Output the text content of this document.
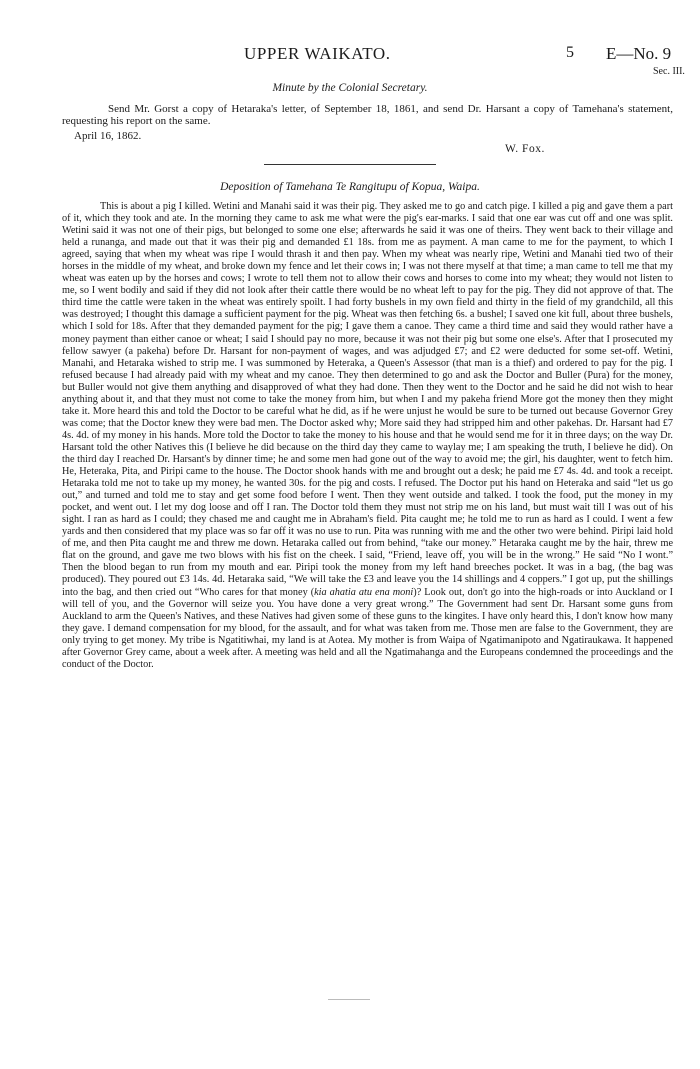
UPPER WAIKATO.	5 E—No. 9
Sec. III.
Minute by the Colonial Secretary.

Send Mr. Gorst a copy of Hetaraka's letter, of September 18, 1861, and send Dr. Harsant a copy of Tamehana's statement, requesting his report on the same.

April 16, 1862.
W. Fox.
Deposition of Tamehana Te Rangitupu of Kopua, Waipa.

This is about a pig I killed. Wetini and Manahi said it was their pig. They asked me to go and catch pige. I killed a pig and gave them a part of it, which they took and ate. In the morning they came to ask me what were the pig's ear-marks. I said that one ear was cut off and one was split. Wetini said it was not one of their pigs, but belonged to some one else; afterwards he said it was one of theirs. They went back to their village and held a runanga, and made out that it was their pig and demanded £1 18s. from me as payment. A man came to me for the payment, to which I agreed, saying that when my wheat was ripe I would thrash it and then pay. When my wheat was nearly ripe, Wetini and Manahi tied two of their horses in the middle of my wheat, and broke down my fence and let their cows in; I was not there myself at that time; a man came to tell me that my wheat was eaten up by the horses and cows; I wrote to tell them not to allow their cows and horses to come into my wheat; they would not listen to me, so I went bodily and said if they did not look after their cattle there would be no wheat left to pay for the pig. They did not approve of that. The third time the cattle were taken in the wheat was entirely spoilt. I had forty bushels in my own field and thirty in the field of my grandchild, all this was destroyed; I thought this damage a sufficient payment for the pig. Wheat was then fetching 6s. a bushel; I saved one kit full, about three bushels, which I sold for 18s. After that they demanded payment for the pig; I gave them a canoe. They came a third time and said they would rather have a money payment than either canoe or wheat; I said I should pay no more, because it was not their pig but some one else's. After that I prosecuted my fellow sawyer (a pakeha) before Dr. Harsant for non-payment of wages, and was adjudged £7; and £2 were deducted for some set-off. Wetini, Manahi, and Hetaraka wished to strip me. I was summoned by Heteraka, a Queen's Assessor (that man is a thief) and ordered to pay for the pig. I refused because I had already paid with my wheat and my canoe. They then determined to go and ask the Doctor and Buller (Pura) for the money, but Buller would not give them anything and disapproved of what they had done. Then they went to the Doctor and he said he did not wish to hear anything about it, and that they must not come to take the money from him, but when I and my pakeha friend More got the money then they might take it. More heard this and told the Doctor to be careful what he did, as if he were unjust he would be sure to be turned out because Governor Grey was come; that the Doctor knew they were bad men. The Doctor asked why; More said they had stripped him and other pakehas. Dr. Harsant had £7 4s. 4d. of my money in his hands. More told the Doctor to take the money to his house and that he would send me for it in three days; on the way Dr. Harsant told the other Natives this (I believe he did because on the third day they came to waylay me; I am speaking the truth, I believe he did). On the third day I reached Dr. Harsant's by dinner time; he and some men had gone out of the way to avoid me; the girl, his daughter, went to fetch him. He, Heteraka, Pita, and Piripi came to the house. The Doctor shook hands with me and brought out a desk; he paid me £7 4s. 4d. and took a receipt. Hetaraka told me not to take up my money, he wanted 30s. for the pig and costs. I refused. The Doctor put his hand on Heteraka and said “let us go out,” and turned and told me to stay and get some food before I went. Then they went outside and talked. I took the food, put the money in my pocket, and went out. I let my dog loose and off I ran. The Doctor told them they must not strip me on his land, but must wait till I was out of his sight. I ran as hard as I could; they chased me and caught me in Abraham's field. Pita caught me; he told me to run as hard as I could. I went a few yards and then considered that my place was so far off it was no use to run. Pita was running with me and the other two were behind. Piripi laid hold of me, and then Pita caught me and threw me down. Hetaraka called out from behind, “take our money.” Hetaraka caught me by the hair, threw me flat on the ground, and gave me two blows with his fist on the cheek. I said, “Friend, leave off, you will be in the wrong.” He said “No I wont.” Then the blood began to run from my mouth and ear. Piripi took the money from my left hand breeches pocket. It was in a bag, (the bag was produced). They poured out £3 14s. 4d. Hetaraka said, “We will take the £3 and leave you the 14 shillings and 4 coppers.” I got up, put the shillings into the bag, and then cried out “Who cares for that money (kia ahatia atu ena moni)? Look out, don't go into the high-roads or into Auckland or I will tell of you, and the Governor will seize you. You have done a very great wrong.” The Government had sent Dr. Harsant some guns from Auckland to arm the Queen's Natives, and these Natives had given some of these guns to the kingites. I have only heard this, I don't know how many they gave. I demand compensation for my blood, for the assault, and for what was taken from me. Those men are false to the Government, they are only trying to get money. My tribe is Ngatitiwhai, my land is at Aotea. My mother is from Waipa of Ngatimanipoto and Ngatiraukawa. It happened after Governor Grey came, about a week after. A meeting was held and all the Ngatimahanga and the Europeans condemned the proceedings and the conduct of the Doctor.
